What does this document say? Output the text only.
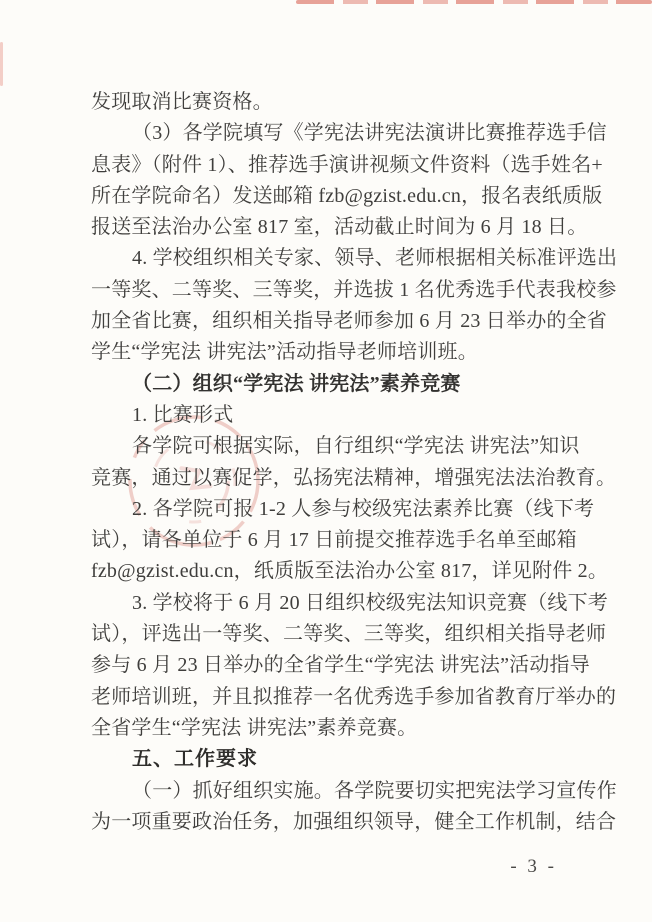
发现取消比赛资格。
（3）各学院填写《学宪法讲宪法演讲比赛推荐选手信
息表》（附件 1）、推荐选手演讲视频文件资料（选手姓名+
所在学院命名）发送邮箱 fzb@gzist.edu.cn，报名表纸质版
报送至法治办公室 817 室，活动截止时间为 6 月 18 日。
4. 学校组织相关专家、领导、老师根据相关标准评选出
一等奖、二等奖、三等奖，并选拔 1 名优秀选手代表我校参
加全省比赛，组织相关指导老师参加 6 月 23 日举办的全省
学生“学宪法 讲宪法”活动指导老师培训班。
（二）组织“学宪法 讲宪法”素养竞赛
1. 比赛形式
各学院可根据实际，自行组织“学宪法 讲宪法”知识
竞赛，通过以赛促学，弘扬宪法精神，增强宪法法治教育。
2. 各学院可报 1-2 人参与校级宪法素养比赛（线下考
试），请各单位于 6 月 17 日前提交推荐选手名单至邮箱
fzb@gzist.edu.cn，纸质版至法治办公室 817，详见附件 2。
3. 学校将于 6 月 20 日组织校级宪法知识竞赛（线下考
试），评选出一等奖、二等奖、三等奖，组织相关指导老师
参与 6 月 23 日举办的全省学生“学宪法 讲宪法”活动指导
老师培训班，并且拟推荐一名优秀选手参加省教育厅举办的
全省学生“学宪法 讲宪法”素养竞赛。
五、工作要求
（一）抓好组织实施。各学院要切实把宪法学习宣传作
为一项重要政治任务，加强组织领导，健全工作机制，结合
- 3 -
